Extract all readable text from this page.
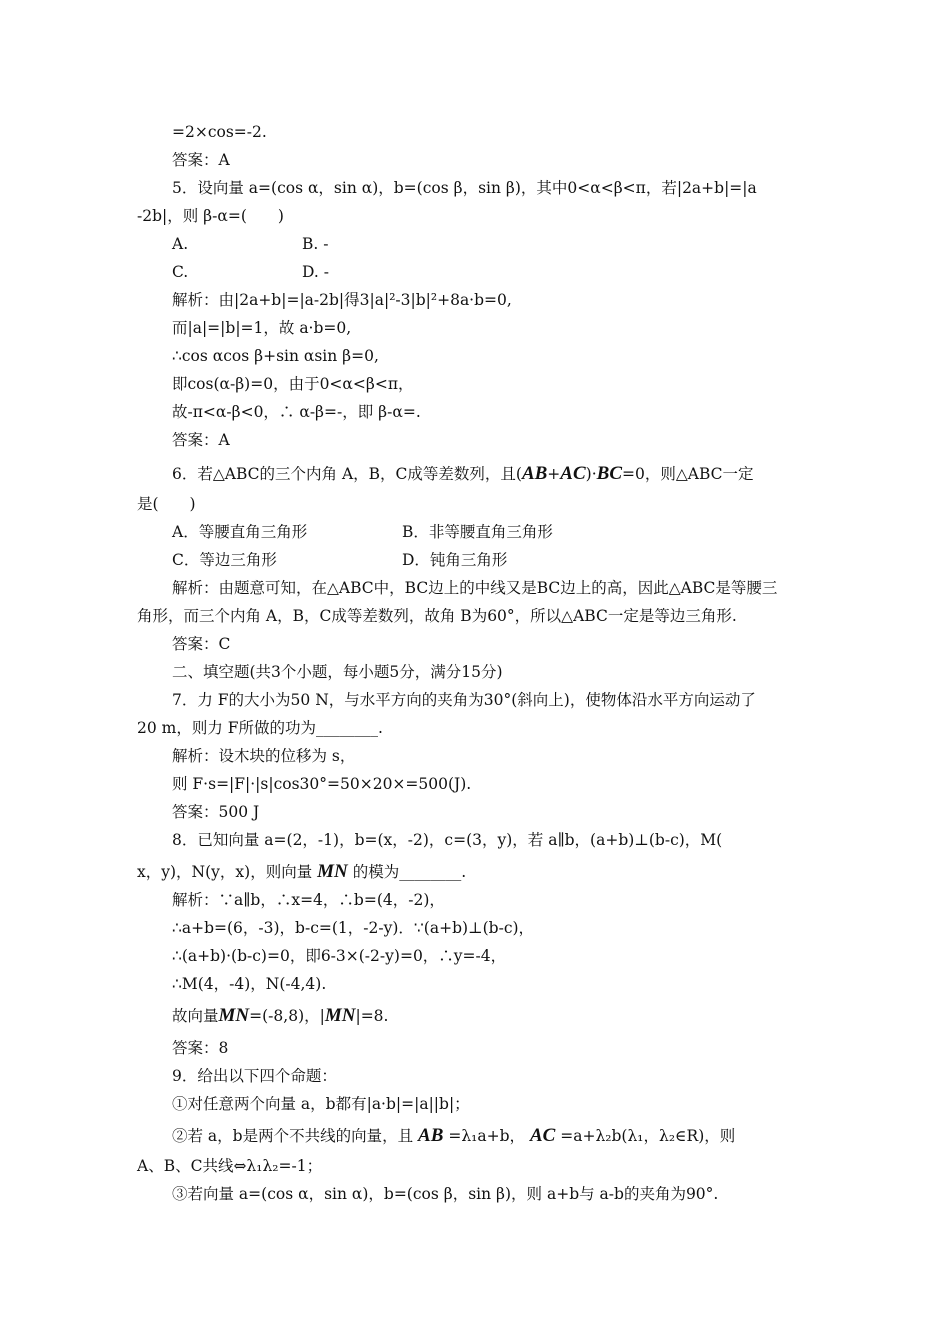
=2×cos=-2.
答案：A
5．设向量 a=(cos α，sin α)，b=(cos β，sin β)，其中0<α<β<π，若|2a+b|=|a
-2b|，则 β-α=(　　)
A.	B. -
C.	D. -
解析：由|2a+b|=|a-2b|得3|a|²-3|b|²+8a·b=0,
而|a|=|b|=1，故 a·b=0,
∴cos αcos β+sin αsin β=0,
即cos(α-β)=0，由于0<α<β<π，
故-π<α-β<0，∴ α-β=-，即 β-α=.
答案：A
6．若△ABC的三个内角 A，B，C成等差数列，且(AB+AC)·BC=0，则△ABC一定
是(　　)
A．等腰直角三角形	B．非等腰直角三角形
C．等边三角形	D．钝角三角形
解析：由题意可知，在△ABC中，BC边上的中线又是BC边上的高，因此△ABC是等腰三
角形，而三个内角 A，B，C成等差数列，故角 B为60°，所以△ABC一定是等边三角形.
答案：C
二、填空题(共3个小题，每小题5分，满分15分)
7．力 F的大小为50 N，与水平方向的夹角为30°(斜向上)，使物体沿水平方向运动了
20 m，则力 F所做的功为________.
解析：设木块的位移为 s，
则 F·s=|F|·|s|cos30°=50×20×=500(J).
答案：500 J
8．已知向量 a=(2，-1)，b=(x，-2)，c=(3，y)，若 a∥b，(a+b)⊥(b-c)，M(
x，y)，N(y，x)，则向量 MN 的模为________.
解析：∵a∥b，∴x=4，∴b=(4，-2)，
∴a+b=(6，-3)，b-c=(1，-2-y)．∵(a+b)⊥(b-c)，
∴(a+b)·(b-c)=0，即6-3×(-2-y)=0，∴y=-4，
∴M(4，-4)，N(-4,4).
故向量MN=(-8,8)，|MN|=8.
答案：8
9．给出以下四个命题：
①对任意两个向量 a，b都有|a·b|=|a||b|；
②若 a，b是两个不共线的向量，且 AB =λ₁a+b， AC =a+λ₂b(λ₁，λ₂∈R)，则
A、B、C共线⇔λ₁λ₂=-1；
③若向量 a=(cos α，sin α)，b=(cos β，sin β)，则 a+b与 a-b的夹角为90°.
